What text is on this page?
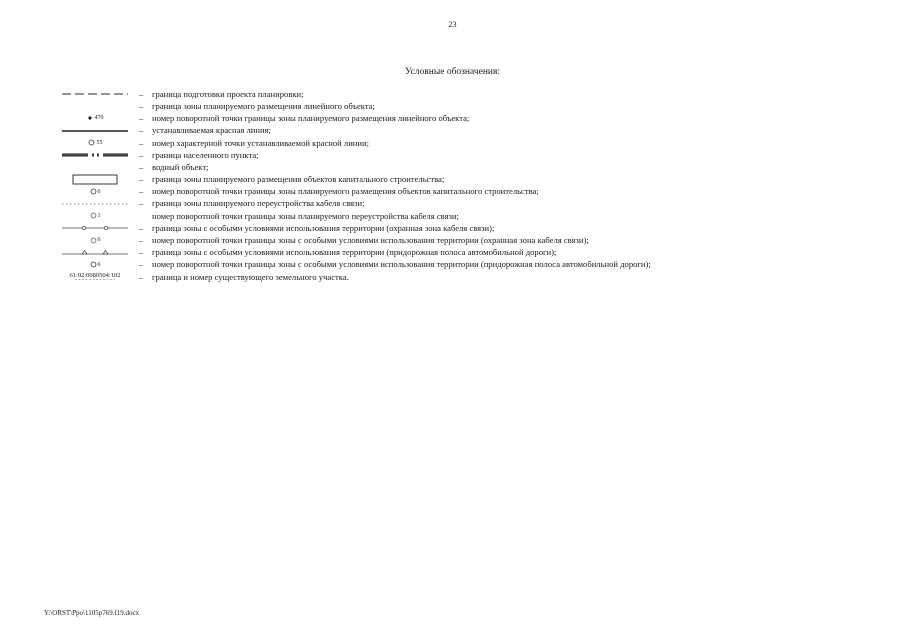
23
Условные обозначения:
–	граница подготовки проекта планировки;
–	граница зоны планируемого размещения линейного объекта;
470	–	номер поворотной точки границы зоны планируемого размещения линейного объекта;
–	устанавливаемая красная линия;
55	–	номер характерной точки устанавливаемой красной линии;
–	граница населенного пункта;
–	водный объект;
–	граница зоны планируемого размещения объектов капитального строительства;
6	–	номер поворотной точки границы зоны планируемого размещения объектов капитального строительства;
–	граница зоны планируемого переустройства кабеля связи;
1	номер поворотной точки границы зоны планируемого переустройства кабеля связи;
–	граница зоны с особыми условиями использования территории (охранная зона кабеля связи);
6	–	номер поворотной точки границы зоны с особыми условиями использования территории (охранная зона кабеля связи);
–	граница зоны с особыми условиями использования территории (придорожная полоса автомобильной дороги);
6	–	номер поворотной точки границы зоны с особыми условиями использования территории (придорожная полоса автомобильной дороги);
61:02:0080504:102	–	граница и номер существующего земельного участка.
Y:\ORST\Ppo\1105p769.f19.docx
